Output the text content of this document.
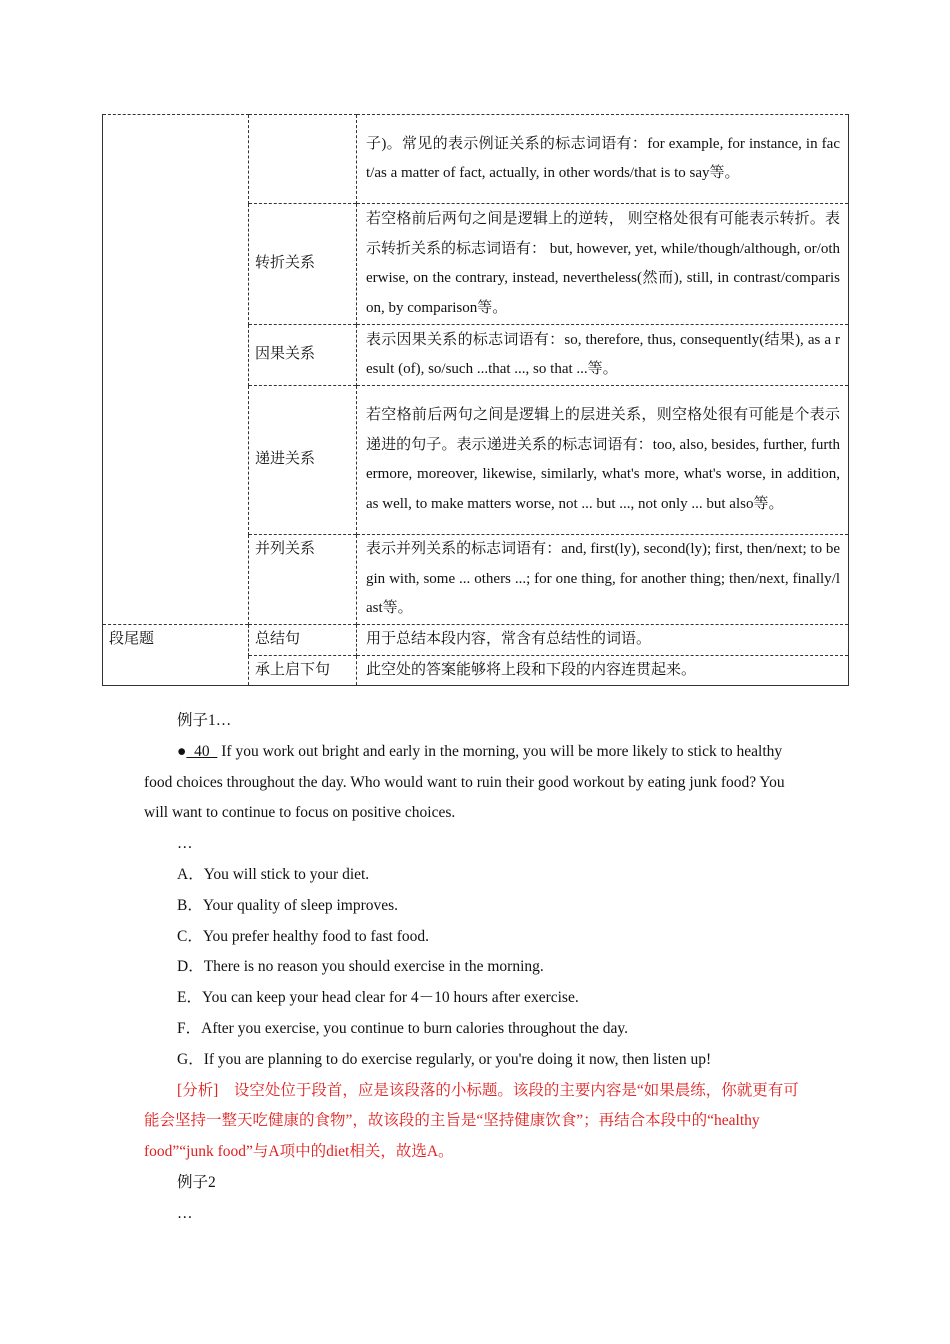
		子)。常见的表示例证关系的标志词语有：for example, for instance, in fact/as a matter of fact, actually, in other words/that is to say等。
	转折关系	若空格前后两句之间是逻辑上的逆转， 则空格处很有可能表示转折。表示转折关系的标志词语有： but, however, yet, while/though/although, or/otherwise, on the contrary, instead, nevertheless(然而), still, in contrast/comparison, by comparison等。
	因果关系	表示因果关系的标志词语有：so, therefore, thus, consequently(结果), as a result (of), so/such ...that ..., so that ...等。
	递进关系	若空格前后两句之间是逻辑上的层进关系，则空格处很有可能是个表示递进的句子。表示递进关系的标志词语有：too, also, besides, further, furthermore, moreover, likewise, similarly, what's more, what's worse, in addition, as well, to make matters worse, not ... but ..., not only ... but also等。
	并列关系	表示并列关系的标志词语有：and, first(ly), second(ly); first, then/next; to begin with, some ... others ...; for one thing, for another thing; then/next, finally/last等。
段尾题	总结句	用于总结本段内容，常含有总结性的词语。
	承上启下句	此空处的答案能够将上段和下段的内容连贯起来。

例子1…

●  40   If you work out bright and early in the morning, you will be more likely to stick to healthy food choices throughout the day. Who would want to ruin their good workout by eating junk food? You will want to continue to focus on positive choices.

…

A．You will stick to your diet.

B．Your quality of sleep improves.

C．You prefer healthy food to fast food.

D．There is no reason you should exercise in the morning.

E．You can keep your head clear for 4－10 hours after exercise.

F．After you exercise, you continue to burn calories throughout the day.

G．If you are planning to do exercise regularly, or you're doing it now, then listen up!

[分析]　设空处位于段首，应是该段落的小标题。该段的主要内容是“如果晨练，你就更有可能会坚持一整天吃健康的食物”，故该段的主旨是“坚持健康饮食”；再结合本段中的“healthy food”“junk food”与A项中的diet相关，故选A。

例子2

…
